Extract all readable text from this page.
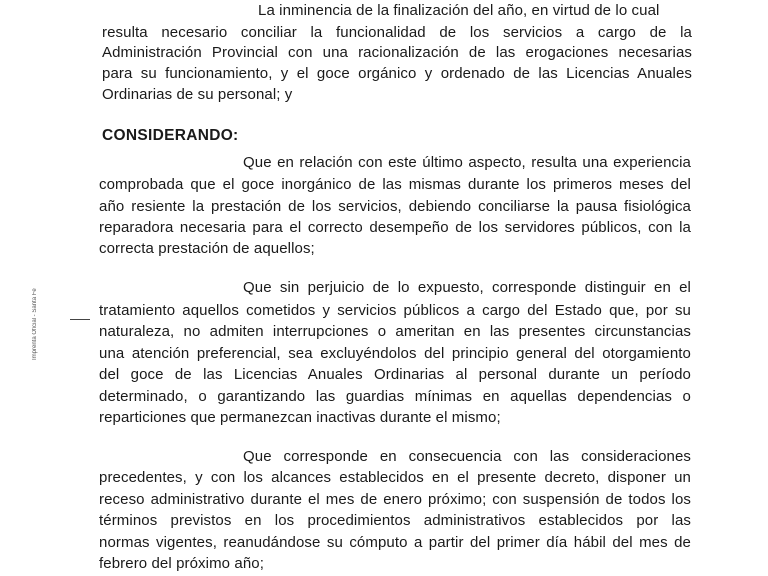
Imprenta Oficial - Santa Fe
La inminencia de la finalización del año, en virtud de lo cual
resulta necesario conciliar la funcionalidad de los servicios a cargo de la
Administración Provincial con una racionalización de las erogaciones necesarias
para su funcionamiento, y el goce orgánico y ordenado de las Licencias Anuales
Ordinarias de su personal; y
CONSIDERANDO:
Que en relación con este último aspecto, resulta una experiencia
comprobada que el goce inorgánico de las mismas durante los primeros meses del
año resiente la prestación de los servicios, debiendo conciliarse la pausa fisiológica
reparadora necesaria para el correcto desempeño de los servidores públicos, con la
correcta prestación de aquellos;
Que sin perjuicio de lo expuesto, corresponde distinguir en el
tratamiento aquellos cometidos y servicios públicos a cargo del Estado que, por su
naturaleza, no admiten interrupciones o ameritan en las presentes circunstancias
una atención preferencial, sea excluyéndolos del principio general del otorgamiento
del goce de las Licencias Anuales Ordinarias al personal durante un período
determinado, o garantizando las guardias mínimas en aquellas dependencias o
reparticiones que permanezcan inactivas durante el mismo;
Que corresponde en consecuencia con las consideraciones
precedentes, y con los alcances establecidos en el presente decreto, disponer un
receso administrativo durante el mes de enero próximo; con suspensión de todos los
términos previstos en los procedimientos administrativos establecidos por las
normas vigentes, reanudándose su cómputo a partir del primer día hábil del mes de
febrero del próximo año;
